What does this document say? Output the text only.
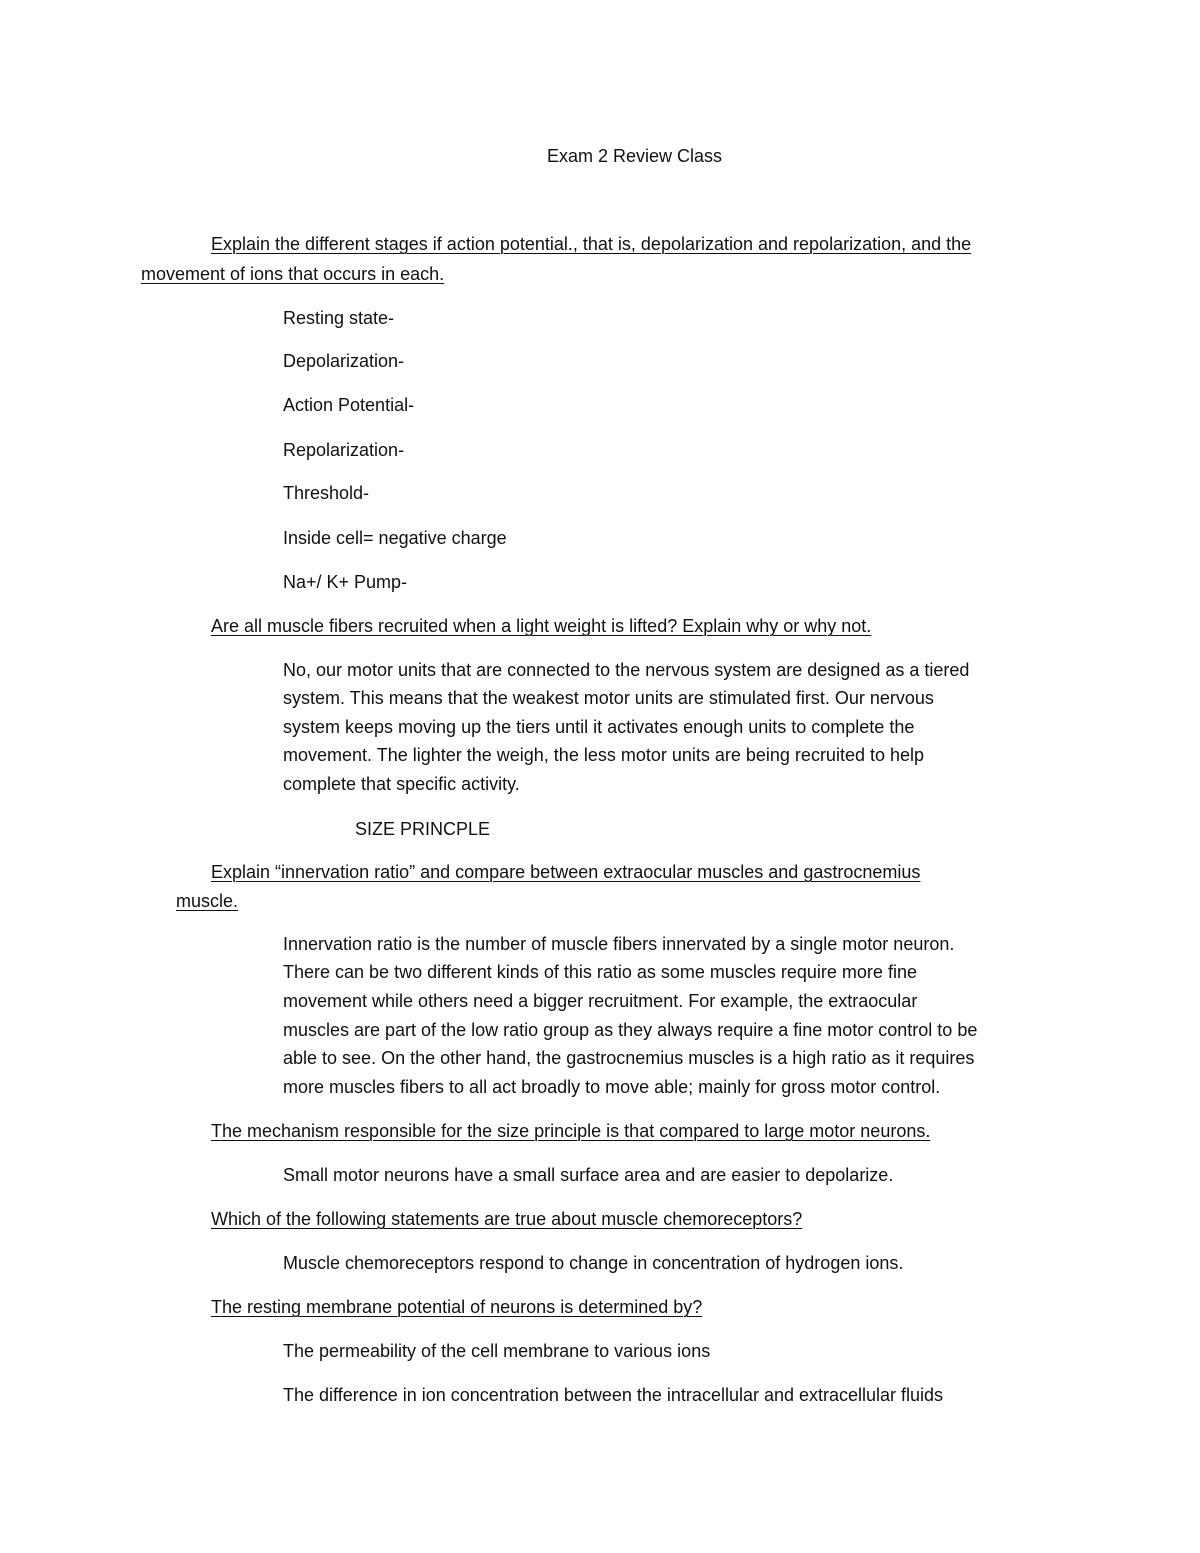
Exam 2 Review Class
Explain the different stages if action potential., that is, depolarization and repolarization, and the
movement of ions that occurs in each.
Resting state-
Depolarization-
Action Potential-
Repolarization-
Threshold-
Inside cell= negative charge
Na+/ K+ Pump-
Are all muscle fibers recruited when a light weight is lifted? Explain why or why not.
No, our motor units that are connected to the nervous system are designed as a tiered
system. This means that the weakest motor units are stimulated first. Our nervous
system keeps moving up the tiers until it activates enough units to complete the
movement. The lighter the weigh, the less motor units are being recruited to help
complete that specific activity.
SIZE PRINCPLE
Explain “innervation ratio” and compare between extraocular muscles and gastrocnemius
muscle.
Innervation ratio is the number of muscle fibers innervated by a single motor neuron.
There can be two different kinds of this ratio as some muscles require more fine
movement while others need a bigger recruitment. For example, the extraocular
muscles are part of the low ratio group as they always require a fine motor control to be
able to see. On the other hand, the gastrocnemius muscles is a high ratio as it requires
more muscles fibers to all act broadly to move able; mainly for gross motor control.
The mechanism responsible for the size principle is that compared to large motor neurons.
Small motor neurons have a small surface area and are easier to depolarize.
Which of the following statements are true about muscle chemoreceptors?
Muscle chemoreceptors respond to change in concentration of hydrogen ions.
The resting membrane potential of neurons is determined by?
The permeability of the cell membrane to various ions
The difference in ion concentration between the intracellular and extracellular fluids
